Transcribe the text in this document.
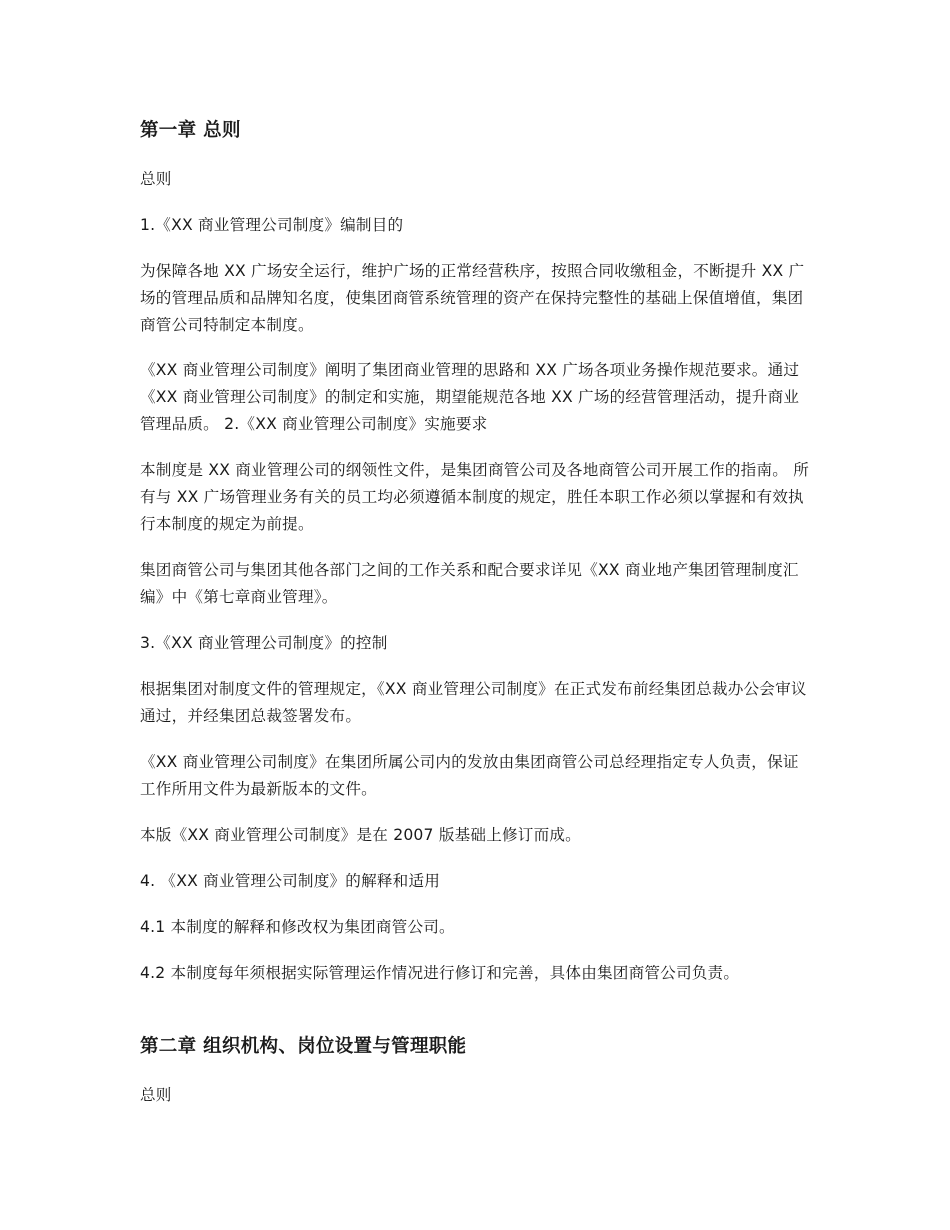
第一章 总则

总则

1.《XX 商业管理公司制度》编制目的

为保障各地 XX 广场安全运行，维护广场的正常经营秩序，按照合同收缴租金，不断提升 XX 广场的管理品质和品牌知名度，使集团商管系统管理的资产在保持完整性的基础上保值增值，集团商管公司特制定本制度。

《XX 商业管理公司制度》阐明了集团商业管理的思路和 XX 广场各项业务操作规范要求。通过《XX 商业管理公司制度》的制定和实施，期望能规范各地 XX 广场的经营管理活动，提升商业管理品质。 2.《XX 商业管理公司制度》实施要求

本制度是 XX 商业管理公司的纲领性文件，是集团商管公司及各地商管公司开展工作的指南。 所有与 XX 广场管理业务有关的员工均必须遵循本制度的规定，胜任本职工作必须以掌握和有效执行本制度的规定为前提。

集团商管公司与集团其他各部门之间的工作关系和配合要求详见《XX 商业地产集团管理制度汇编》中《第七章商业管理》。

3.《XX 商业管理公司制度》的控制

根据集团对制度文件的管理规定，《XX 商业管理公司制度》在正式发布前经集团总裁办公会审议通过，并经集团总裁签署发布。

《XX 商业管理公司制度》在集团所属公司内的发放由集团商管公司总经理指定专人负责，保证工作所用文件为最新版本的文件。

本版《XX 商业管理公司制度》是在 2007 版基础上修订而成。

4. 《XX 商业管理公司制度》的解释和适用

4.1 本制度的解释和修改权为集团商管公司。

4.2 本制度每年须根据实际管理运作情况进行修订和完善，具体由集团商管公司负责。

第二章 组织机构、岗位设置与管理职能

总则
